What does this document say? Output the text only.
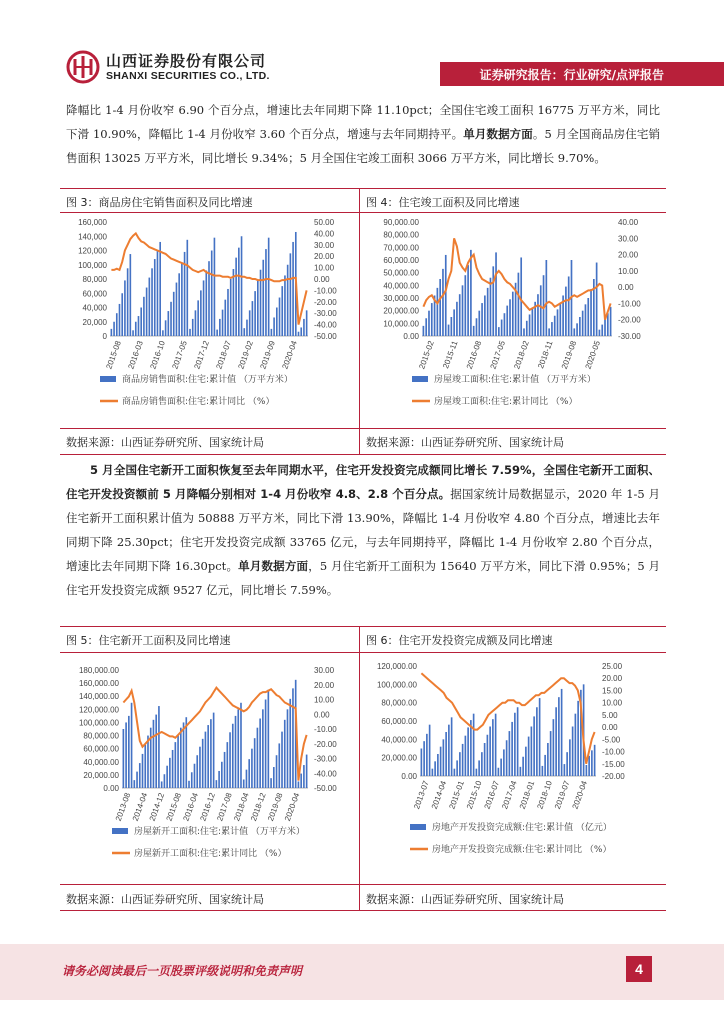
山西证券股份有限公司
SHANXI SECURITIES CO., LTD.	证券研究报告：行业研究/点评报告
降幅比 1-4 月份收窄 6.90 个百分点，增速比去年同期下降 11.10pct；全国住宅竣工面积 16775 万平方米，同比下滑 10.90%，降幅比 1-4 月份收窄 3.60 个百分点，增速与去年同期持平。单月数据方面。5 月全国商品房住宅销售面积 13025 万平方米，同比增长 9.34%；5 月全国住宅竣工面积 3066 万平方米，同比增长 9.70%。
图 3：商品房住宅销售面积及同比增速	图 4：住宅竣工面积及同比增速
160,000
140,000
120,000
100,000
80,000
60,000
40,000
20,000
0
50.00
40.00
30.00
20.00
10.00
0.00
-10.00
-20.00
-30.00
-40.00
-50.00
2015-08 2016-03 2016-10 2017-05 2017-12 2018-07 2019-02 2019-09 2020-04
商品房销售面积:住宅:累计值 （万平方米）
商品房销售面积:住宅:累计同比 （%）
90,000.00
80,000.00
70,000.00
60,000.00
50,000.00
40,000.00
30,000.00
20,000.00
10,000.00
0.00
40.00
30.00
20.00
10.00
0.00
-10.00
-20.00
-30.00
2015-02 2015-11 2016-08 2017-05 2018-02 2018-11 2019-08 2020-05
房屋竣工面积:住宅:累计值 （万平方米）
房屋竣工面积:住宅:累计同比 （%）
数据来源：山西证券研究所、国家统计局	数据来源：山西证券研究所、国家统计局
5 月全国住宅新开工面积恢复至去年同期水平，住宅开发投资完成额同比增长 7.59%，全国住宅新开工面积、住宅开发投资额前 5 月降幅分别相对 1-4 月份收窄 4.8、2.8 个百分点。据国家统计局数据显示，2020 年 1-5 月住宅新开工面积累计值为 50888 万平方米，同比下滑 13.90%，降幅比 1-4 月份收窄 4.80 个百分点，增速比去年同期下降 25.30pct；住宅开发投资完成额 33765 亿元，与去年同期持平，降幅比 1-4 月份收窄 2.80 个百分点，增速比去年同期下降 16.30pct。单月数据方面，5 月住宅新开工面积为 15640 万平方米，同比下滑 0.95%；5 月住宅开发投资完成额 9527 亿元，同比增长 7.59%。
图 5：住宅新开工面积及同比增速	图 6：住宅开发投资完成额及同比增速
180,000.00
160,000.00
140,000.00
120,000.00
100,000.00
80,000.00
60,000.00
40,000.00
20,000.00
0.00
30.00
20.00
10.00
0.00
-10.00
-20.00
-30.00
-40.00
-50.00
2013-08
2014-04
2014-12
2015-08
2016-04
2016-12
2017-08
2018-04
2018-12
2019-08
2020-04
房屋新开工面积:住宅:累计值 （万平方米）
房屋新开工面积:住宅:累计同比 （%）
120,000.00
100,000.00
80,000.00
60,000.00
40,000.00
20,000.00
0.00
25.00
20.00
15.00
10.00
5.00
0.00
-5.00
-10.00
-15.00
-20.00
2013-07 2014-04 2015-01 2015-10 2016-07 2017-04 2018-01 2018-10 2019-07 2020-04
房地产开发投资完成额:住宅:累计值 （亿元）
房地产开发投资完成额:住宅:累计同比 （%）
数据来源：山西证券研究所、国家统计局	数据来源：山西证券研究所、国家统计局
请务必阅读最后一页股票评级说明和免责声明	4
